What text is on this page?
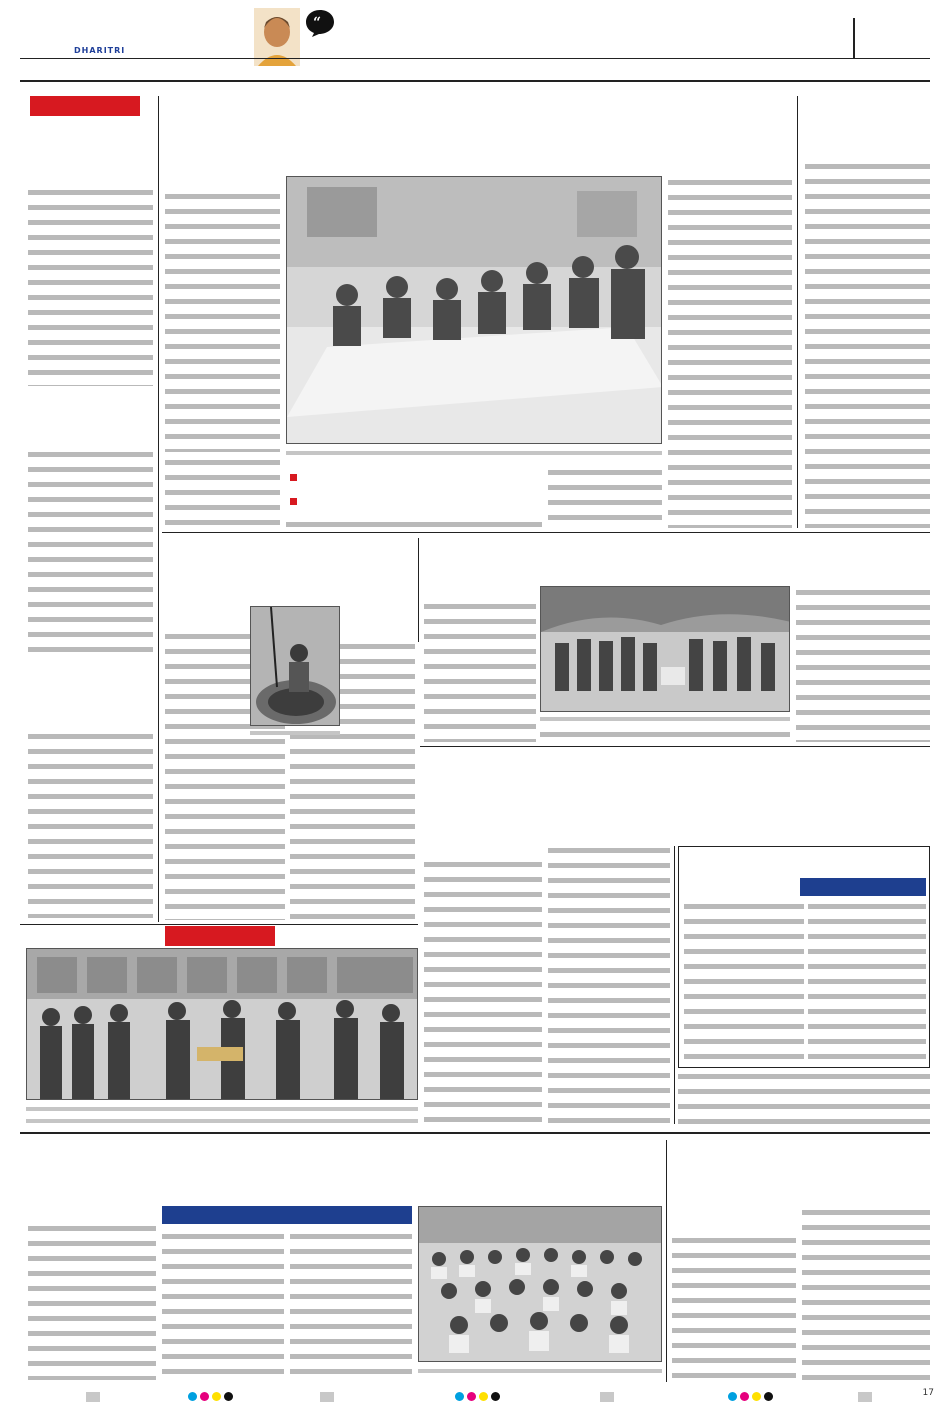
DHARITRI
“
17
